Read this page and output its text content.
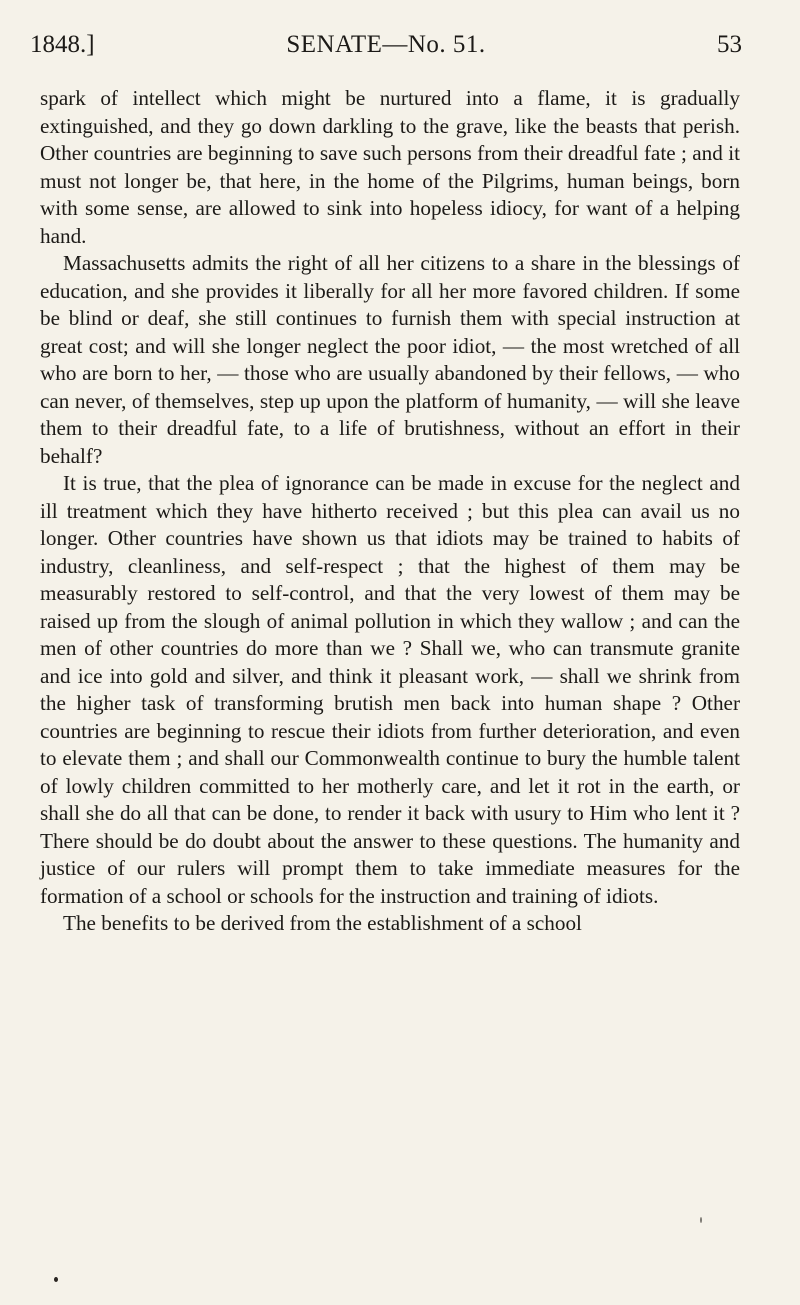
1848.]	SENATE—No. 51.	53

spark of intellect which might be nurtured into a flame, it is gradually extinguished, and they go down darkling to the grave, like the beasts that perish. Other countries are beginning to save such persons from their dreadful fate ; and it must not longer be, that here, in the home of the Pilgrims, human beings, born with some sense, are allowed to sink into hopeless idiocy, for want of a helping hand.

Massachusetts admits the right of all her citizens to a share in the blessings of education, and she provides it liberally for all her more favored children. If some be blind or deaf, she still continues to furnish them with special instruction at great cost; and will she longer neglect the poor idiot, — the most wretched of all who are born to her, — those who are usually abandoned by their fellows, — who can never, of themselves, step up upon the platform of humanity, — will she leave them to their dreadful fate, to a life of brutishness, without an effort in their behalf?

It is true, that the plea of ignorance can be made in excuse for the neglect and ill treatment which they have hitherto received ; but this plea can avail us no longer. Other countries have shown us that idiots may be trained to habits of industry, cleanliness, and self-respect ; that the highest of them may be measurably restored to self-control, and that the very lowest of them may be raised up from the slough of animal pollution in which they wallow ; and can the men of other countries do more than we ? Shall we, who can transmute granite and ice into gold and silver, and think it pleasant work, — shall we shrink from the higher task of transforming brutish men back into human shape ? Other countries are beginning to rescue their idiots from further deterioration, and even to elevate them ; and shall our Commonwealth continue to bury the humble talent of lowly children committed to her motherly care, and let it rot in the earth, or shall she do all that can be done, to render it back with usury to Him who lent it ? There should be do doubt about the answer to these questions. The humanity and justice of our rulers will prompt them to take immediate measures for the formation of a school or schools for the instruction and training of idiots.

The benefits to be derived from the establishment of a school
